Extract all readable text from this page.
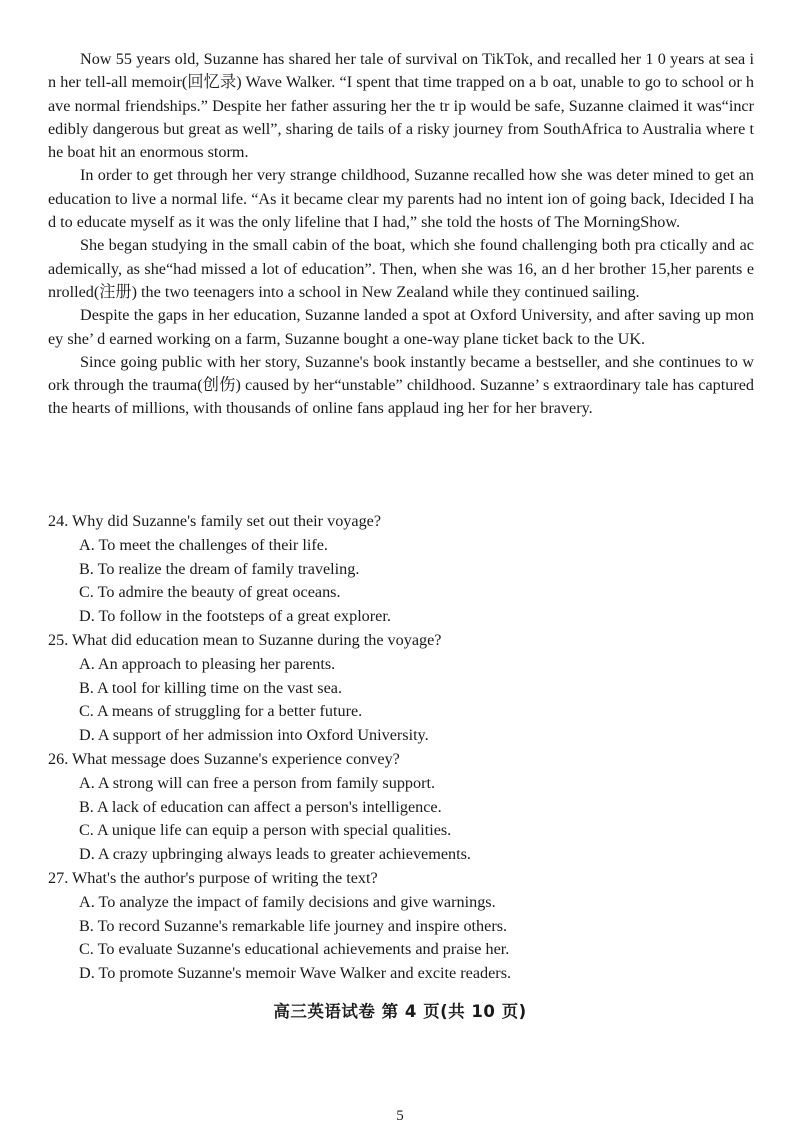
Now 55 years old, Suzanne has shared her tale of survival on TikTok, and recalled her 1 0 years at sea in her tell-all memoir(回忆录) Wave Walker. “I spent that time trapped on a b oat, unable to go to school or have normal friendships.” Despite her father assuring her the tr ip would be safe, Suzanne claimed it was“incredibly dangerous but great as well”, sharing de tails of a risky journey from SouthAfrica to Australia where the boat hit an enormous storm.

In order to get through her very strange childhood, Suzanne recalled how she was deter mined to get an education to live a normal life. “As it became clear my parents had no intent ion of going back, Idecided I had to educate myself as it was the only lifeline that I had,” she told the hosts of The MorningShow.

She began studying in the small cabin of the boat, which she found challenging both pra ctically and academically, as she“had missed a lot of education”. Then, when she was 16, an d her brother 15,her parents enrolled(注册) the two teenagers into a school in New Zealand while they continued sailing.

Despite the gaps in her education, Suzanne landed a spot at Oxford University, and after saving up money she’ d earned working on a farm, Suzanne bought a one-way plane ticket back to the UK.

Since going public with her story, Suzanne's book instantly became a bestseller, and she continues to work through the trauma(创伤) caused by her“unstable” childhood. Suzanne’ s extraordinary tale has captured the hearts of millions, with thousands of online fans applaud ing her for her bravery.

24. Why did Suzanne's family set out their voyage?

A. To meet the challenges of their life.

B. To realize the dream of family traveling.

C. To admire the beauty of great oceans.

D. To follow in the footsteps of a great explorer.

25. What did education mean to Suzanne during the voyage?

A. An approach to pleasing her parents.

B. A tool for killing time on the vast sea.

C. A means of struggling for a better future.

D. A support of her admission into Oxford University.

26. What message does Suzanne's experience convey?

A. A strong will can free a person from family support.

B. A lack of education can affect a person's intelligence.

C. A unique life can equip a person with special qualities.

D. A crazy upbringing always leads to greater achievements.

27. What's the author's purpose of writing the text?

A. To analyze the impact of family decisions and give warnings.

B. To record Suzanne's remarkable life journey and inspire others.

C. To evaluate Suzanne's educational achievements and praise her.

D. To promote Suzanne's memoir Wave Walker and excite readers.

高三英语试卷 第 4 页(共 10 页)
5
